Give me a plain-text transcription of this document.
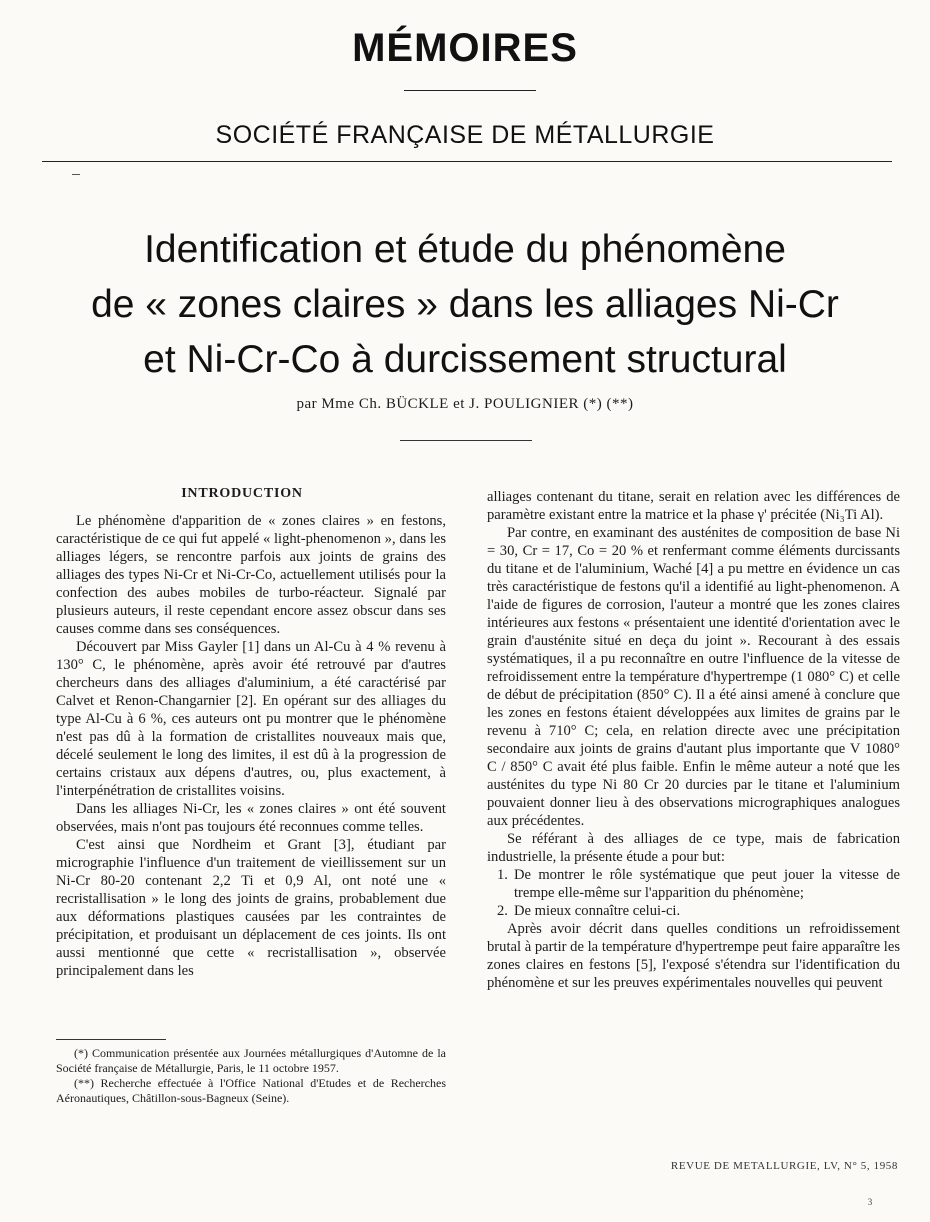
MÉMOIRES
SOCIÉTÉ FRANÇAISE DE MÉTALLURGIE
Identification et étude du phénomène
de « zones claires » dans les alliages Ni-Cr
et Ni-Cr-Co à durcissement structural
par Mme Ch. BÜCKLE et J. POULIGNIER (*) (**)
INTRODUCTION

Le phénomène d'apparition de « zones claires » en festons, caractéristique de ce qui fut appelé « light-phenomenon », dans les alliages légers, se rencontre parfois aux joints de grains des alliages des types Ni-Cr et Ni-Cr-Co, actuellement utilisés pour la confection des aubes mobiles de turbo-réacteur. Signalé par plusieurs auteurs, il reste cependant encore assez obscur dans ses causes comme dans ses conséquences.

Découvert par Miss Gayler [1] dans un Al-Cu à 4 % revenu à 130° C, le phénomène, après avoir été retrouvé par d'autres chercheurs dans des alliages d'aluminium, a été caractérisé par Calvet et Renon-Changarnier [2]. En opérant sur des alliages du type Al-Cu à 6 %, ces auteurs ont pu montrer que le phénomène n'est pas dû à la formation de cristallites nouveaux mais que, décelé seulement le long des limites, il est dû à la progression de certains cristaux aux dépens d'autres, ou, plus exactement, à l'interpénétration de cristallites voisins.

Dans les alliages Ni-Cr, les « zones claires » ont été souvent observées, mais n'ont pas toujours été reconnues comme telles.

C'est ainsi que Nordheim et Grant [3], étudiant par micrographie l'influence d'un traitement de vieillissement sur un Ni-Cr 80-20 contenant 2,2 Ti et 0,9 Al, ont noté une « recristallisation » le long des joints de grains, probablement due aux déformations plastiques causées par les contraintes de précipitation, et produisant un déplacement de ces joints. Ils ont aussi mentionné que cette « recristallisation », observée principalement dans les

(*) Communication présentée aux Journées métallurgiques d'Automne de la Société française de Métallurgie, Paris, le 11 octobre 1957.

(**) Recherche effectuée à l'Office National d'Etudes et de Recherches Aéronautiques, Châtillon-sous-Bagneux (Seine).

alliages contenant du titane, serait en relation avec les différences de paramètre existant entre la matrice et la phase γ' précitée (Ni₃Ti Al).

Par contre, en examinant des austénites de composition de base Ni = 30, Cr = 17, Co = 20 % et renfermant comme éléments durcissants du titane et de l'aluminium, Waché [4] a pu mettre en évidence un cas très caractéristique de festons qu'il a identifié au light-phenomenon. A l'aide de figures de corrosion, l'auteur a montré que les zones claires intérieures aux festons « présentaient une identité d'orientation avec le grain d'austénite situé en deça du joint ». Recourant à des essais systématiques, il a pu reconnaître en outre l'influence de la vitesse de refroidissement entre la température d'hypertrempe (1 080° C) et celle de début de précipitation (850° C). Il a été ainsi amené à conclure que les zones en festons étaient développées aux limites de grains par le revenu à 710° C; cela, en relation directe avec une précipitation secondaire aux joints de grains d'autant plus importante que V 1080° C / 850° C avait été plus faible. Enfin le même auteur a noté que les austénites du type Ni 80 Cr 20 durcies par le titane et l'aluminium pouvaient donner lieu à des observations micrographiques analogues aux précédentes.

Se référant à des alliages de ce type, mais de fabrication industrielle, la présente étude a pour but:

1. De montrer le rôle systématique que peut jouer la vitesse de trempe elle-même sur l'apparition du phénomène;

2. De mieux connaître celui-ci.

Après avoir décrit dans quelles conditions un refroidissement brutal à partir de la température d'hypertrempe peut faire apparaître les zones claires en festons [5], l'exposé s'étendra sur l'identification du phénomène et sur les preuves expérimentales nouvelles qui peuvent

REVUE DE METALLURGIE, LV, N° 5, 1958
3
